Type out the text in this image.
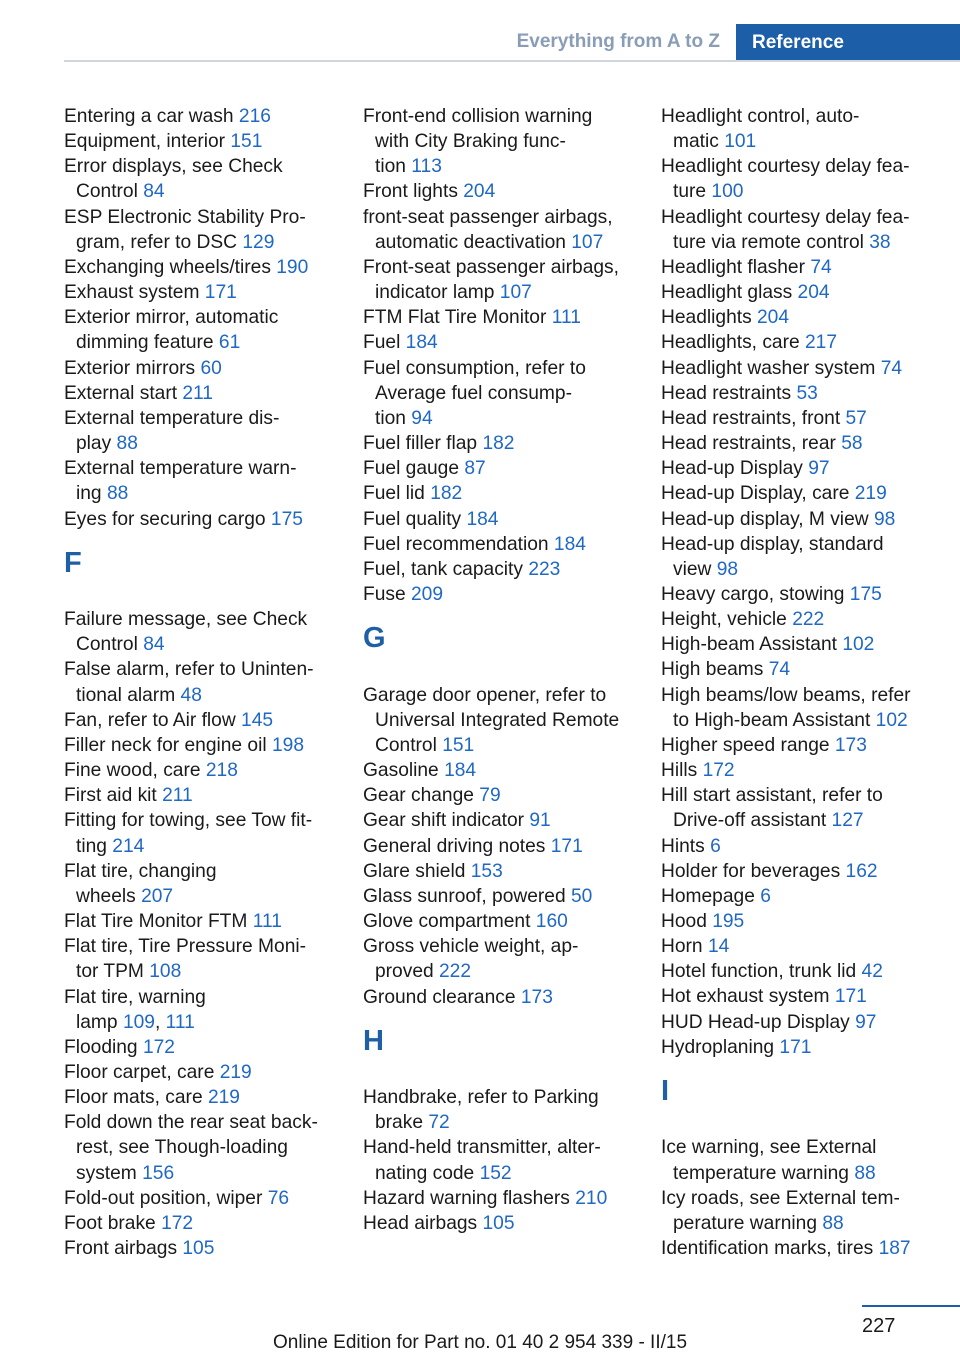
Everything from A to Z	Reference
Entering a car wash 216
Equipment, interior 151
Error displays, see Check
Control 84
ESP Electronic Stability Pro-
gram, refer to DSC 129
Exchanging wheels/tires 190
Exhaust system 171
Exterior mirror, automatic
dimming feature 61
Exterior mirrors 60
External start 211
External temperature dis-
play 88
External temperature warn-
ing 88
Eyes for securing cargo 175
F
Failure message, see Check
Control 84
False alarm, refer to Uninten-
tional alarm 48
Fan, refer to Air flow 145
Filler neck for engine oil 198
Fine wood, care 218
First aid kit 211
Fitting for towing, see Tow fit-
ting 214
Flat tire, changing
wheels 207
Flat Tire Monitor FTM 111
Flat tire, Tire Pressure Moni-
tor TPM 108
Flat tire, warning
lamp 109, 111
Flooding 172
Floor carpet, care 219
Floor mats, care 219
Fold down the rear seat back-
rest, see Though-loading
system 156
Fold-out position, wiper 76
Foot brake 172
Front airbags 105
Front-end collision warning
with City Braking func-
tion 113
Front lights 204
front-seat passenger airbags,
automatic deactivation 107
Front-seat passenger airbags,
indicator lamp 107
FTM Flat Tire Monitor 111
Fuel 184
Fuel consumption, refer to
Average fuel consump-
tion 94
Fuel filler flap 182
Fuel gauge 87
Fuel lid 182
Fuel quality 184
Fuel recommendation 184
Fuel, tank capacity 223
Fuse 209
G
Garage door opener, refer to
Universal Integrated Remote
Control 151
Gasoline 184
Gear change 79
Gear shift indicator 91
General driving notes 171
Glare shield 153
Glass sunroof, powered 50
Glove compartment 160
Gross vehicle weight, ap-
proved 222
Ground clearance 173
H
Handbrake, refer to Parking
brake 72
Hand-held transmitter, alter-
nating code 152
Hazard warning flashers 210
Head airbags 105
Headlight control, auto-
matic 101
Headlight courtesy delay fea-
ture 100
Headlight courtesy delay fea-
ture via remote control 38
Headlight flasher 74
Headlight glass 204
Headlights 204
Headlights, care 217
Headlight washer system 74
Head restraints 53
Head restraints, front 57
Head restraints, rear 58
Head-up Display 97
Head-up Display, care 219
Head-up display, M view 98
Head-up display, standard
view 98
Heavy cargo, stowing 175
Height, vehicle 222
High-beam Assistant 102
High beams 74
High beams/low beams, refer
to High-beam Assistant 102
Higher speed range 173
Hills 172
Hill start assistant, refer to
Drive-off assistant 127
Hints 6
Holder for beverages 162
Homepage 6
Hood 195
Horn 14
Hotel function, trunk lid 42
Hot exhaust system 171
HUD Head-up Display 97
Hydroplaning 171
I
Ice warning, see External
temperature warning 88
Icy roads, see External tem-
perature warning 88
Identification marks, tires 187
227
Online Edition for Part no. 01 40 2 954 339 - II/15
